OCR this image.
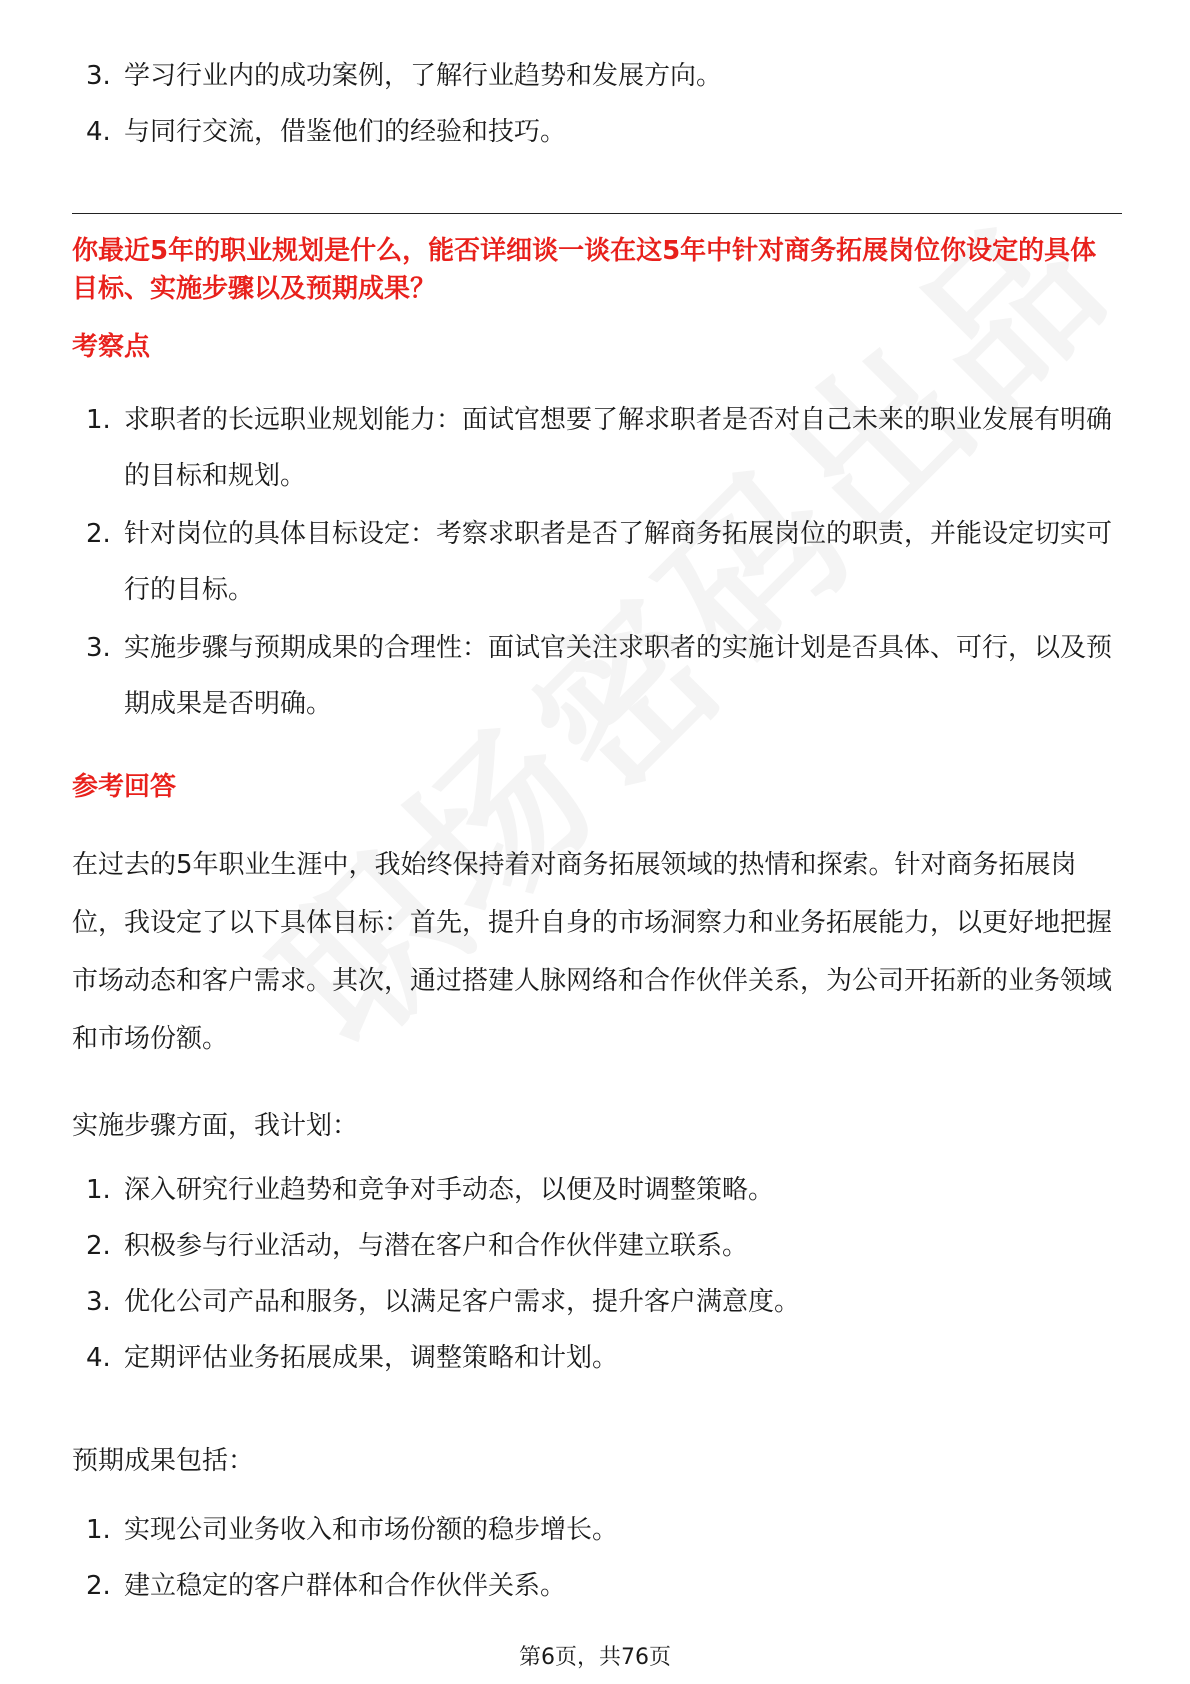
3. 学习行业内的成功案例，了解行业趋势和发展方向。
4. 与同行交流，借鉴他们的经验和技巧。
你最近5年的职业规划是什么，能否详细谈一谈在这5年中针对商务拓展岗位你设定的具体目标、实施步骤以及预期成果？
考察点
1. 求职者的长远职业规划能力：面试官想要了解求职者是否对自己未来的职业发展有明确的目标和规划。
2. 针对岗位的具体目标设定：考察求职者是否了解商务拓展岗位的职责，并能设定切实可行的目标。
3. 实施步骤与预期成果的合理性：面试官关注求职者的实施计划是否具体、可行，以及预期成果是否明确。
参考回答

在过去的5年职业生涯中，我始终保持着对商务拓展领域的热情和探索。针对商务拓展岗位，我设定了以下具体目标：首先，提升自身的市场洞察力和业务拓展能力，以更好地把握市场动态和客户需求。其次，通过搭建人脉网络和合作伙伴关系，为公司开拓新的业务领域和市场份额。

实施步骤方面，我计划：

1. 深入研究行业趋势和竞争对手动态，以便及时调整策略。
2. 积极参与行业活动，与潜在客户和合作伙伴建立联系。
3. 优化公司产品和服务，以满足客户需求，提升客户满意度。
4. 定期评估业务拓展成果，调整策略和计划。

预期成果包括：

1. 实现公司业务收入和市场份额的稳步增长。
2. 建立稳定的客户群体和合作伙伴关系。
第6页，共76页
